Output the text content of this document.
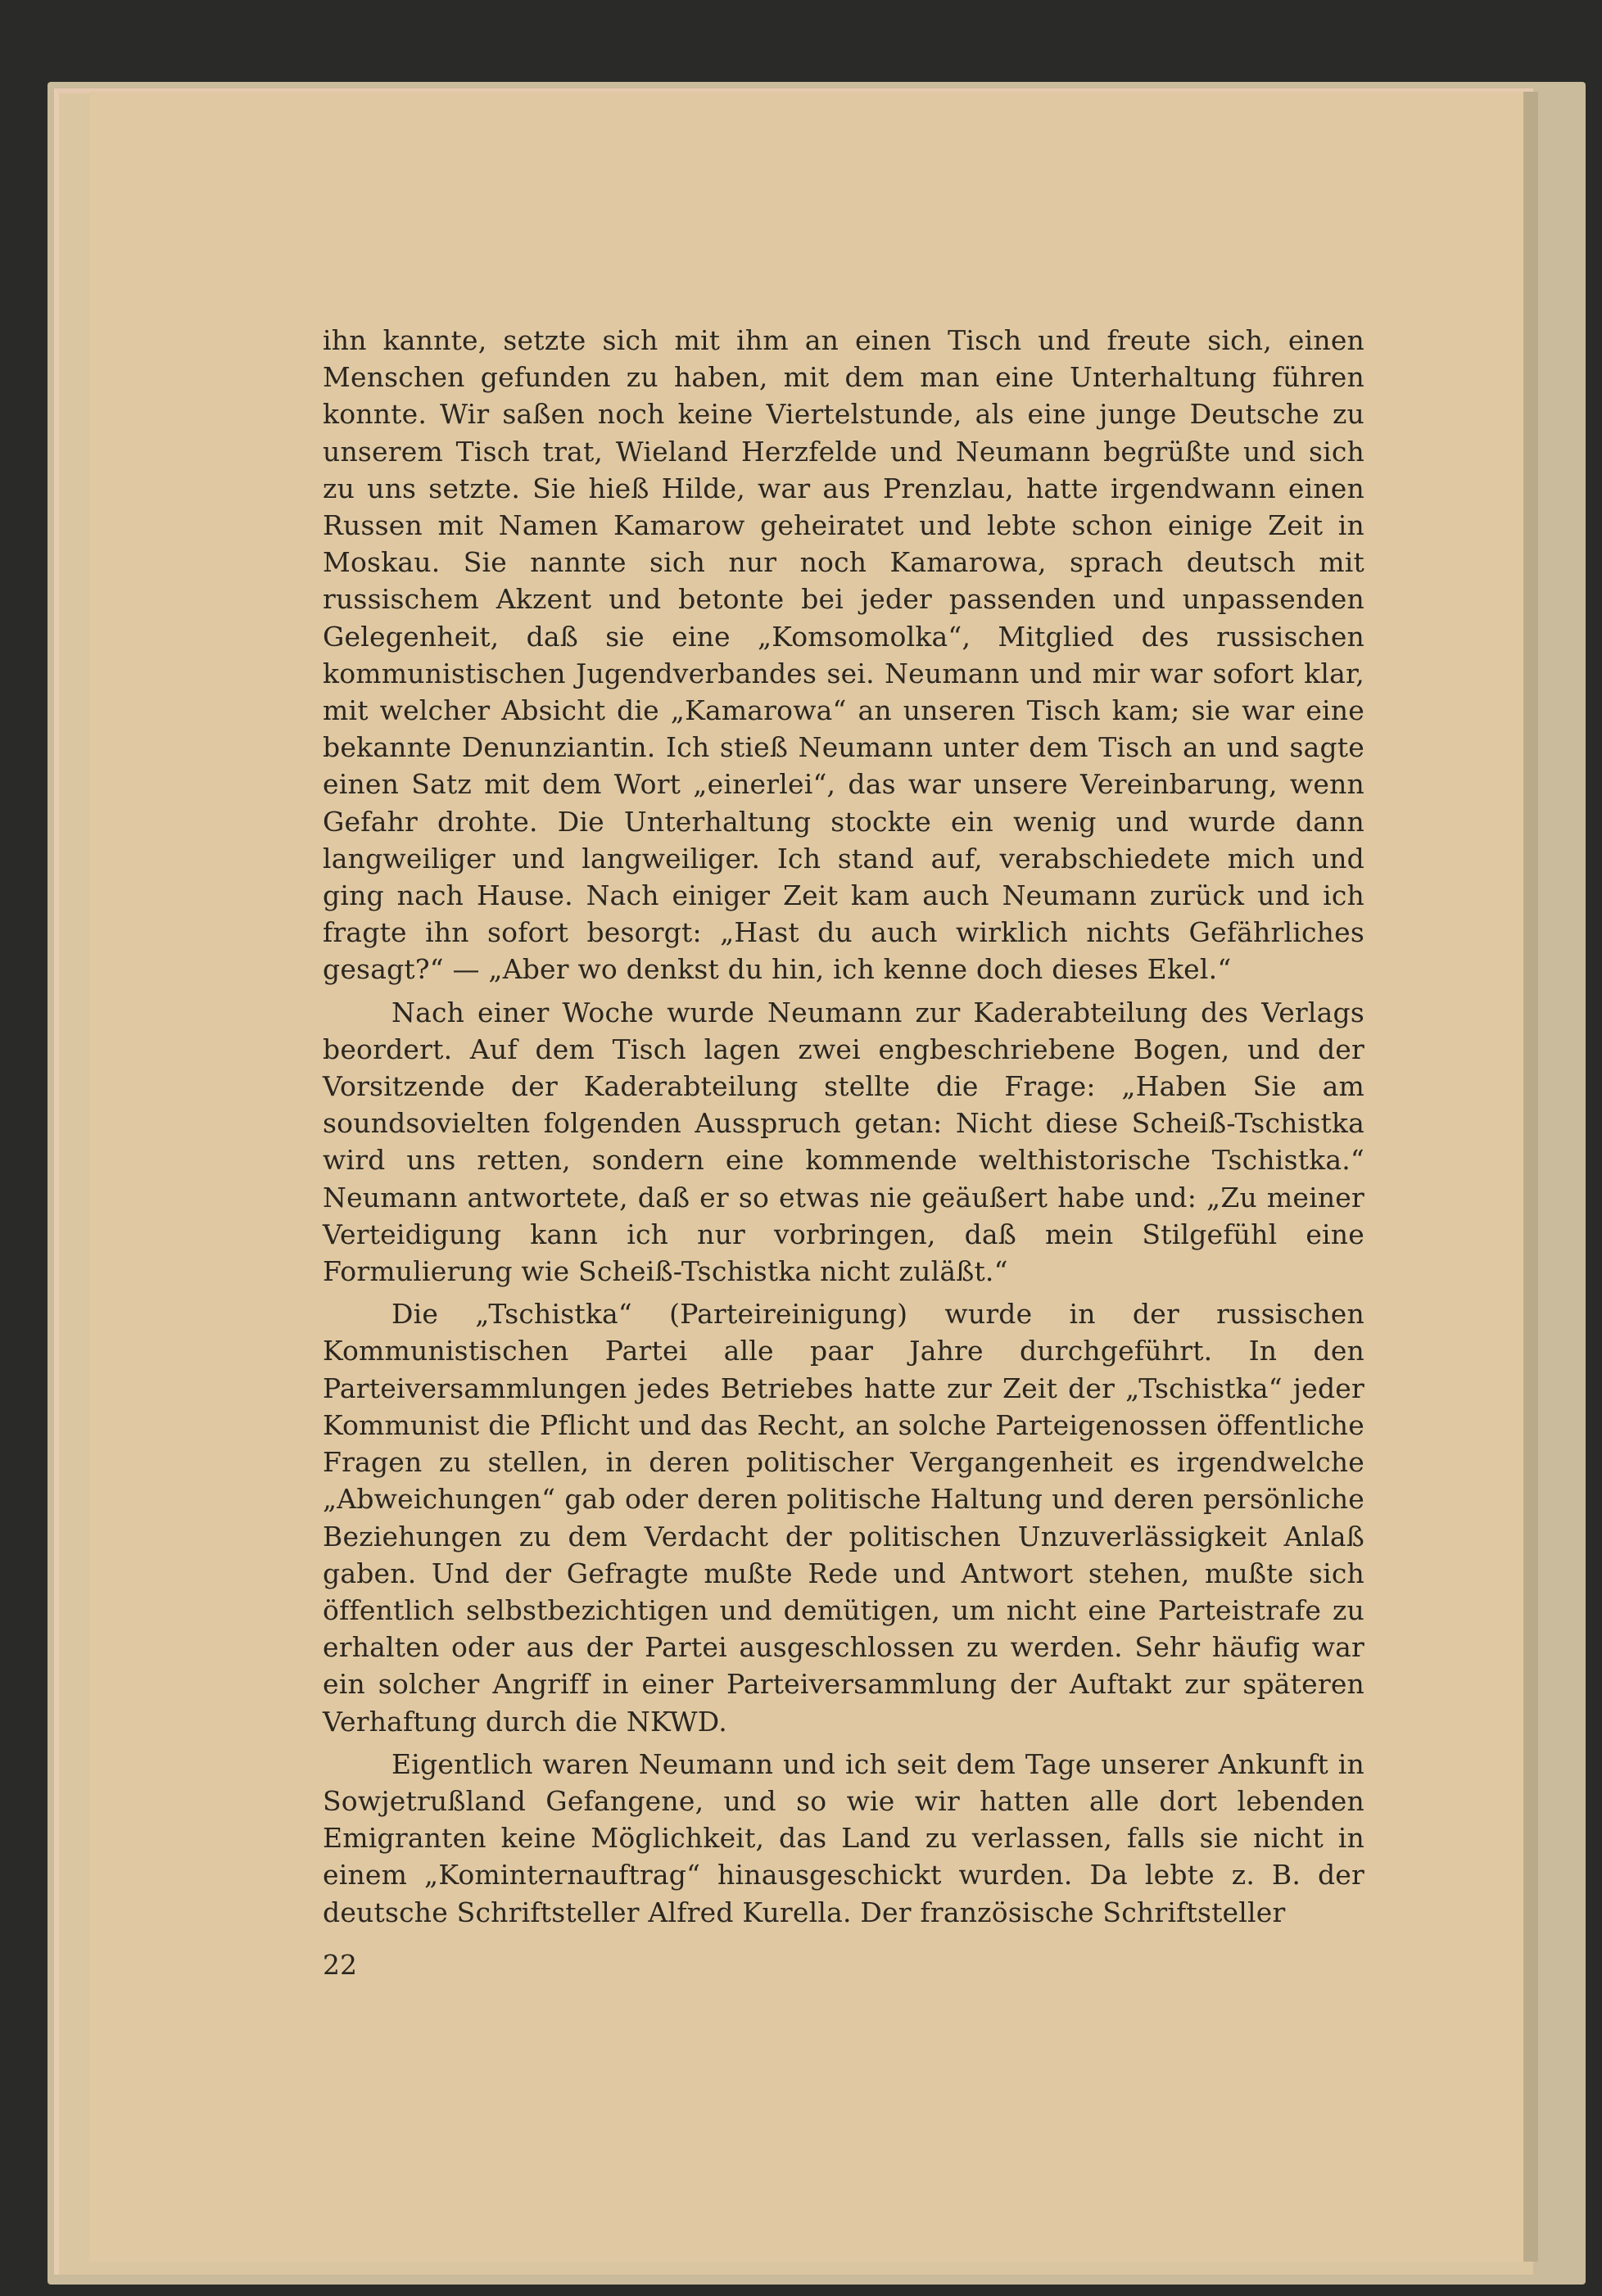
ihn kannte, setzte sich mit ihm an einen Tisch und freute sich, einen Menschen gefunden zu haben, mit dem man eine Unterhaltung führen konnte. Wir saßen noch keine Viertelstunde, als eine junge Deutsche zu unserem Tisch trat, Wieland Herzfelde und Neumann begrüßte und sich zu uns setzte. Sie hieß Hilde, war aus Prenzlau, hatte irgendwann einen Russen mit Namen Kamarow geheiratet und lebte schon einige Zeit in Moskau. Sie nannte sich nur noch Kamarowa, sprach deutsch mit russischem Akzent und betonte bei jeder passenden und unpassenden Gelegenheit, daß sie eine „Komsomolka“, Mitglied des russischen kommunistischen Jugendverbandes sei. Neumann und mir war sofort klar, mit welcher Absicht die „Kamarowa“ an unseren Tisch kam; sie war eine bekannte Denunziantin. Ich stieß Neumann unter dem Tisch an und sagte einen Satz mit dem Wort „einerlei“, das war unsere Vereinbarung, wenn Gefahr drohte. Die Unterhaltung stockte ein wenig und wurde dann langweiliger und langweiliger. Ich stand auf, verabschiedete mich und ging nach Hause. Nach einiger Zeit kam auch Neumann zurück und ich fragte ihn sofort besorgt: „Hast du auch wirklich nichts Gefährliches gesagt?“ — „Aber wo denkst du hin, ich kenne doch dieses Ekel.“

Nach einer Woche wurde Neumann zur Kaderabteilung des Verlags beordert. Auf dem Tisch lagen zwei engbeschriebene Bogen, und der Vorsitzende der Kaderabteilung stellte die Frage: „Haben Sie am soundsovielten folgenden Ausspruch getan: Nicht diese Scheiß-Tschistka wird uns retten, sondern eine kommende welthistorische Tschistka.“ Neumann antwortete, daß er so etwas nie geäußert habe und: „Zu meiner Verteidigung kann ich nur vorbringen, daß mein Stilgefühl eine Formulierung wie Scheiß-Tschistka nicht zuläßt.“

Die „Tschistka“ (Parteireinigung) wurde in der russischen Kommunistischen Partei alle paar Jahre durchgeführt. In den Parteiversammlungen jedes Betriebes hatte zur Zeit der „Tschistka“ jeder Kommunist die Pflicht und das Recht, an solche Parteigenossen öffentliche Fragen zu stellen, in deren politischer Vergangenheit es irgendwelche „Abweichungen“ gab oder deren politische Haltung und deren persönliche Beziehungen zu dem Verdacht der politischen Unzuverlässigkeit Anlaß gaben. Und der Gefragte mußte Rede und Antwort stehen, mußte sich öffentlich selbstbezichtigen und demütigen, um nicht eine Parteistrafe zu erhalten oder aus der Partei ausgeschlossen zu werden. Sehr häufig war ein solcher Angriff in einer Parteiversammlung der Auftakt zur späteren Verhaftung durch die NKWD.

Eigentlich waren Neumann und ich seit dem Tage unserer Ankunft in Sowjetrußland Gefangene, und so wie wir hatten alle dort lebenden Emigranten keine Möglichkeit, das Land zu verlassen, falls sie nicht in einem „Kominternauftrag“ hinausgeschickt wurden. Da lebte z. B. der deutsche Schriftsteller Alfred Kurella. Der französische Schriftsteller

22
